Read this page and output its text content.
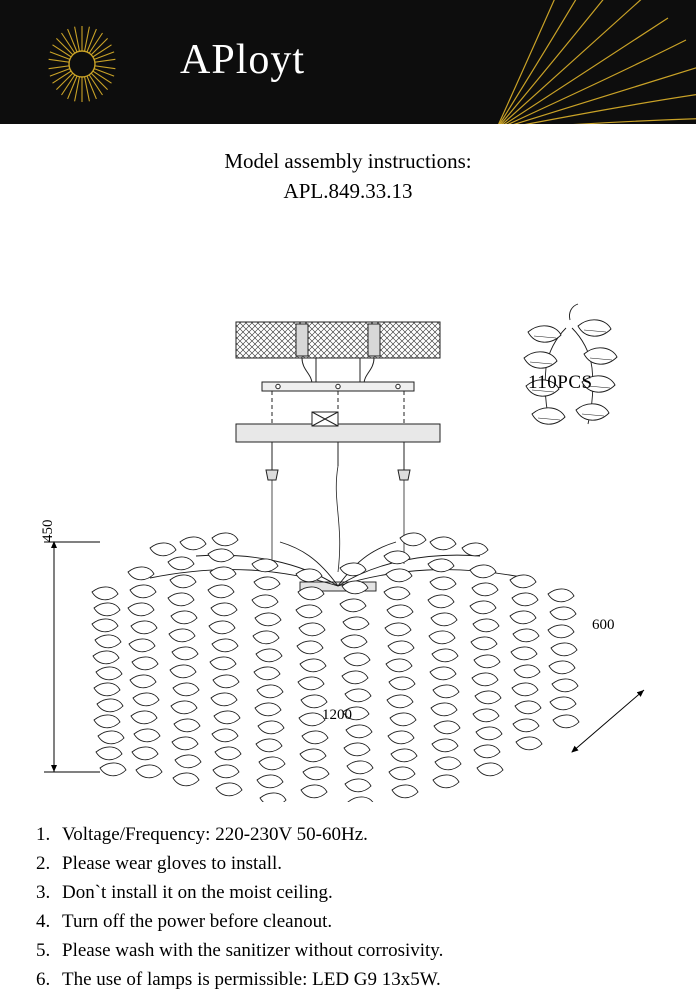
APloyt
Model assembly instructions:
APL.849.33.13
450
1200
600
110PCS
1. Voltage/Frequency: 220-230V 50-60Hz.
2. Please wear gloves to install.
3. Don`t install it on the moist ceiling.
4. Turn off the power before cleanout.
5. Please wash with the sanitizer without corrosivity.
6. The use of lamps is permissible: LED G9 13x5W.
